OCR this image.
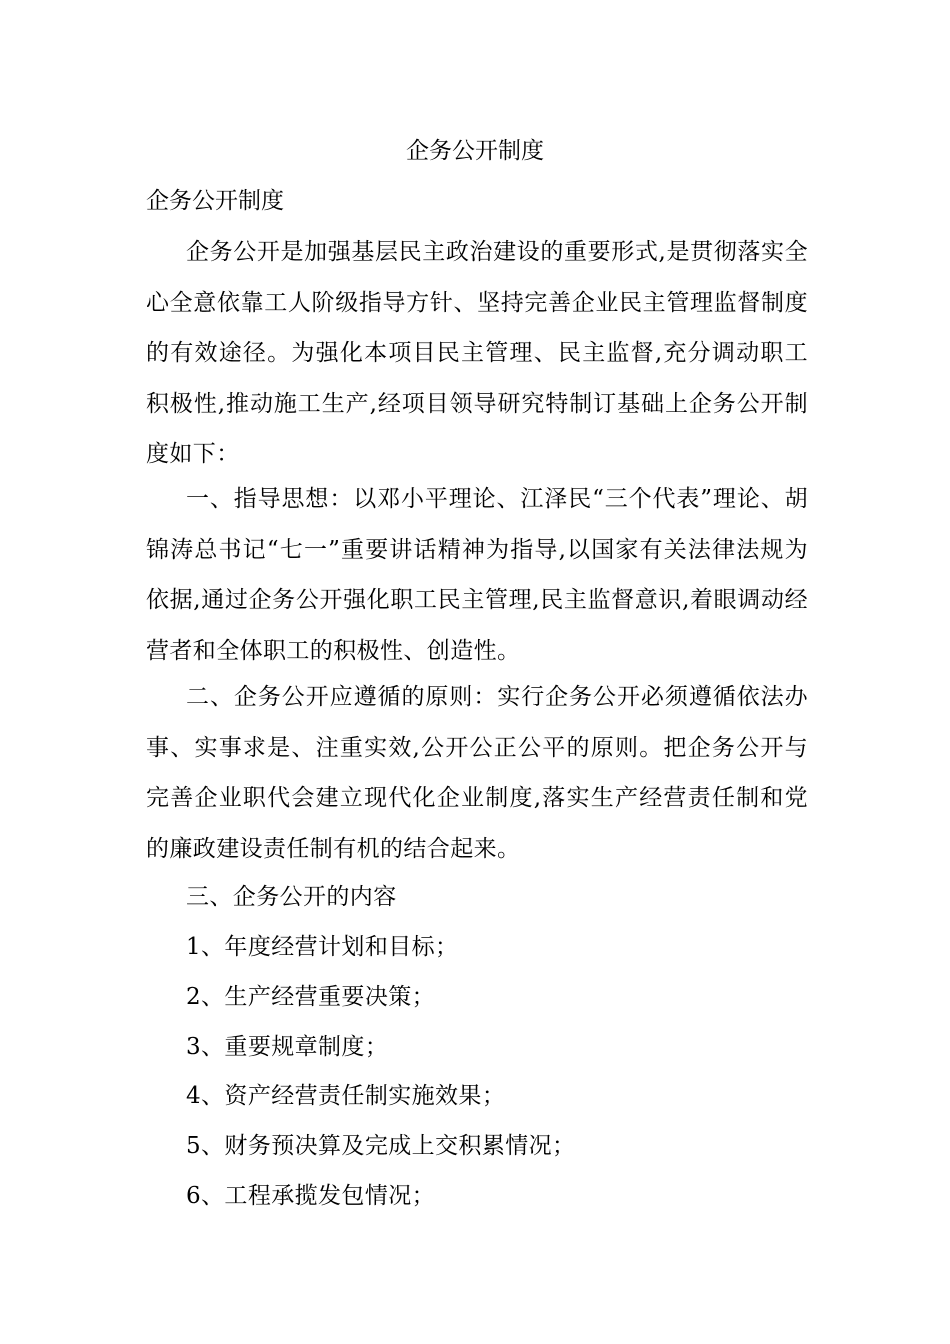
企务公开制度
企务公开制度

企务公开是加强基层民主政治建设的重要形式,是贯彻落实全心全意依靠工人阶级指导方针、坚持完善企业民主管理监督制度的有效途径。为强化本项目民主管理、民主监督,充分调动职工积极性,推动施工生产,经项目领导研究特制订基础上企务公开制度如下：

一、指导思想：以邓小平理论、江泽民“三个代表”理论、胡锦涛总书记“七一”重要讲话精神为指导,以国家有关法律法规为依据,通过企务公开强化职工民主管理,民主监督意识,着眼调动经营者和全体职工的积极性、创造性。

二、企务公开应遵循的原则：实行企务公开必须遵循依法办事、实事求是、注重实效,公开公正公平的原则。把企务公开与完善企业职代会建立现代化企业制度,落实生产经营责任制和党的廉政建设责任制有机的结合起来。

三、企务公开的内容
1、年度经营计划和目标；
2、生产经营重要决策；
3、重要规章制度；
4、资产经营责任制实施效果；
5、财务预决算及完成上交积累情况；
6、工程承揽发包情况；
